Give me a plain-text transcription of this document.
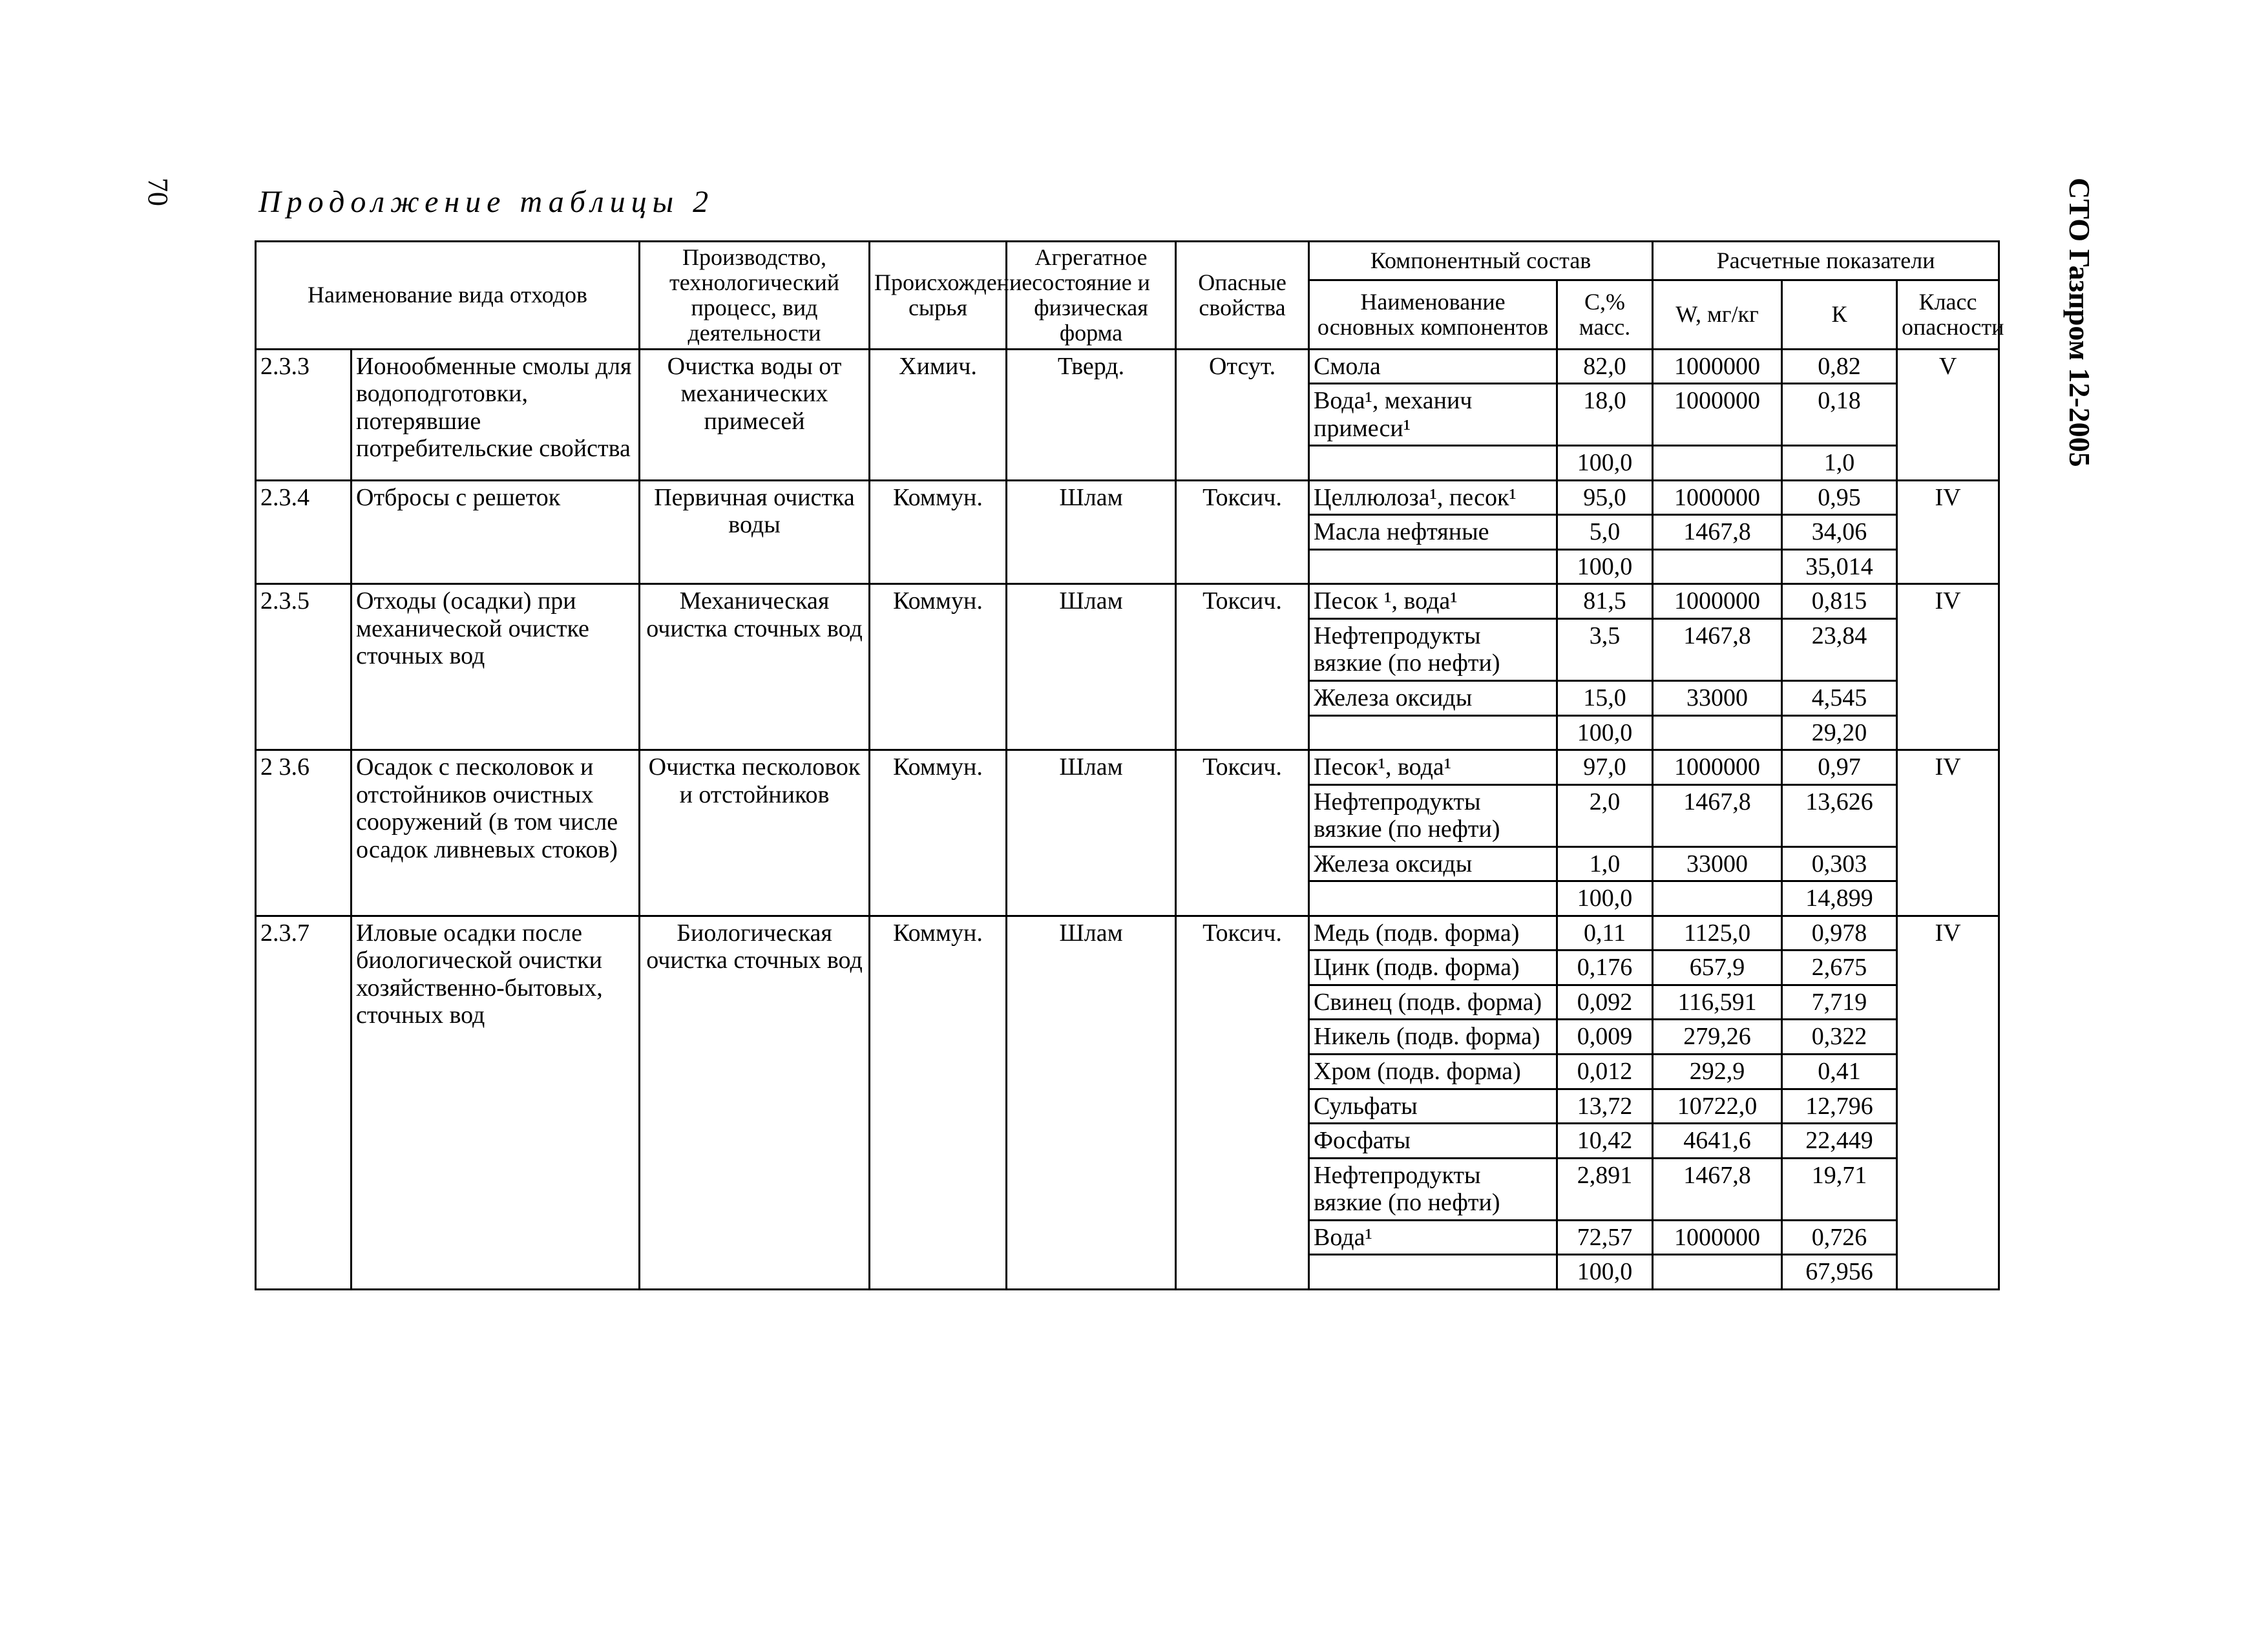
70	СТО Газпром 12-2005
Продолжение таблицы 2
Наименование вида отходов		Производство, технологический процесс, вид деятельности	Происхождение сырья	Агрегатное состояние и физическая форма	Опасные свойства	Компонентный состав		Расчетные показатели		
						Наименование основных компонентов	С,% масс.	W, мг/кг	К	Класс опасности
2.3.3	Ионообменные смолы для водоподготовки, потерявшие потребительские свойства	Очистка воды от механических примесей	Химич.	Тверд.	Отсут.	Смола	82,0	1000000	0,82	V
						Вода¹, механич примеси¹	18,0	1000000	0,18	
							100,0		1,0	
2.3.4	Отбросы с решеток	Первичная очистка воды	Коммун.	Шлам	Токсич.	Целлюлоза¹, песок¹	95,0	1000000	0,95	IV
						Масла нефтяные	5,0	1467,8	34,06	
							100,0		35,014	
2.3.5	Отходы (осадки) при механической очистке сточных вод	Механическая очистка сточных вод	Коммун.	Шлам	Токсич.	Песок ¹, вода¹	81,5	1000000	0,815	IV
						Нефтепродукты вязкие (по нефти)	3,5	1467,8	23,84	
						Железа оксиды	15,0	33000	4,545	
							100,0		29,20	
2 3.6	Осадок с песколовок и отстойников очистных сооружений (в том числе осадок ливневых стоков)	Очистка песколовок и отстойников	Коммун.	Шлам	Токсич.	Песок¹, вода¹	97,0	1000000	0,97	IV
						Нефтепродукты вязкие (по нефти)	2,0	1467,8	13,626	
						Железа оксиды	1,0	33000	0,303	
							100,0		14,899	
2.3.7	Иловые осадки после биологической очистки хозяйственно-бытовых, сточных вод	Биологическая очистка сточных вод	Коммун.	Шлам	Токсич.	Медь (подв. форма)	0,11	1125,0	0,978	IV
						Цинк (подв. форма)	0,176	657,9	2,675	
						Свинец (подв. форма)	0,092	116,591	7,719	
						Никель (подв. форма)	0,009	279,26	0,322	
						Хром (подв. форма)	0,012	292,9	0,41	
						Сульфаты	13,72	10722,0	12,796	
						Фосфаты	10,42	4641,6	22,449	
						Нефтепродукты вязкие (по нефти)	2,891	1467,8	19,71	
						Вода¹	72,57	1000000	0,726	
							100,0		67,956	
